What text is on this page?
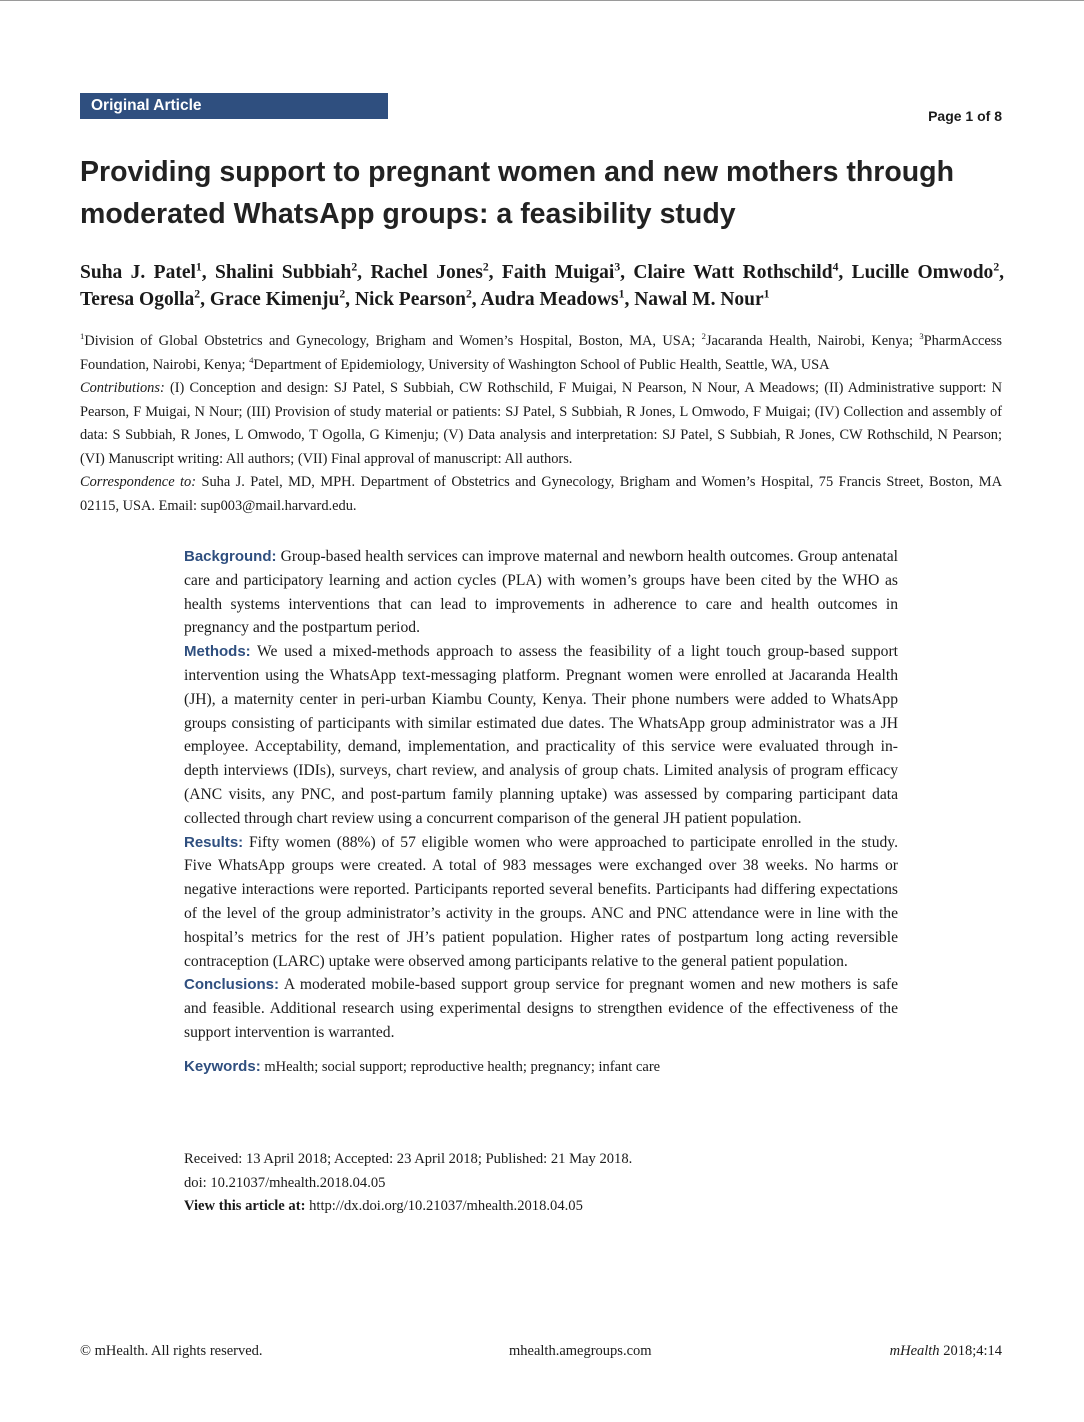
Original Article
Page 1 of 8
Providing support to pregnant women and new mothers through moderated WhatsApp groups: a feasibility study
Suha J. Patel$^1$, Shalini Subbiah$^2$, Rachel Jones$^2$, Faith Muigai$^3$, Claire Watt Rothschild$^4$, Lucille Omwodo$^2$, Teresa Ogolla$^2$, Grace Kimenju$^2$, Nick Pearson$^2$, Audra Meadows$^1$, Nawal M. Nour$^1$

$^1$Division of Global Obstetrics and Gynecology, Brigham and Women’s Hospital, Boston, MA, USA; $^2$Jacaranda Health, Nairobi, Kenya; $^3$PharmAccess Foundation, Nairobi, Kenya; $^4$Department of Epidemiology, University of Washington School of Public Health, Seattle, WA, USA

Contributions: (I) Conception and design: SJ Patel, S Subbiah, CW Rothschild, F Muigai, N Pearson, N Nour, A Meadows; (II) Administrative support: N Pearson, F Muigai, N Nour; (III) Provision of study material or patients: SJ Patel, S Subbiah, R Jones, L Omwodo, F Muigai; (IV) Collection and assembly of data: S Subbiah, R Jones, L Omwodo, T Ogolla, G Kimenju; (V) Data analysis and interpretation: SJ Patel, S Subbiah, R Jones, CW Rothschild, N Pearson; (VI) Manuscript writing: All authors; (VII) Final approval of manuscript: All authors.

Correspondence to: Suha J. Patel, MD, MPH. Department of Obstetrics and Gynecology, Brigham and Women’s Hospital, 75 Francis Street, Boston, MA 02115, USA. Email: sup003@mail.harvard.edu.

Background: Group-based health services can improve maternal and newborn health outcomes. Group antenatal care and participatory learning and action cycles (PLA) with women’s groups have been cited by the WHO as health systems interventions that can lead to improvements in adherence to care and health outcomes in pregnancy and the postpartum period.

Methods: We used a mixed-methods approach to assess the feasibility of a light touch group-based support intervention using the WhatsApp text-messaging platform. Pregnant women were enrolled at Jacaranda Health (JH), a maternity center in peri-urban Kiambu County, Kenya. Their phone numbers were added to WhatsApp groups consisting of participants with similar estimated due dates. The WhatsApp group administrator was a JH employee. Acceptability, demand, implementation, and practicality of this service were evaluated through in-depth interviews (IDIs), surveys, chart review, and analysis of group chats. Limited analysis of program efficacy (ANC visits, any PNC, and post-partum family planning uptake) was assessed by comparing participant data collected through chart review using a concurrent comparison of the general JH patient population.

Results: Fifty women (88%) of 57 eligible women who were approached to participate enrolled in the study. Five WhatsApp groups were created. A total of 983 messages were exchanged over 38 weeks. No harms or negative interactions were reported. Participants reported several benefits. Participants had differing expectations of the level of the group administrator’s activity in the groups. ANC and PNC attendance were in line with the hospital’s metrics for the rest of JH’s patient population. Higher rates of postpartum long acting reversible contraception (LARC) uptake were observed among participants relative to the general patient population.

Conclusions: A moderated mobile-based support group service for pregnant women and new mothers is safe and feasible. Additional research using experimental designs to strengthen evidence of the effectiveness of the support intervention is warranted.

Keywords: mHealth; social support; reproductive health; pregnancy; infant care

Received: 13 April 2018; Accepted: 23 April 2018; Published: 21 May 2018.

doi: 10.21037/mhealth.2018.04.05

View this article at: http://dx.doi.org/10.21037/mhealth.2018.04.05

© mHealth. All rights reserved.	mhealth.amegroups.com	mHealth 2018;4:14
